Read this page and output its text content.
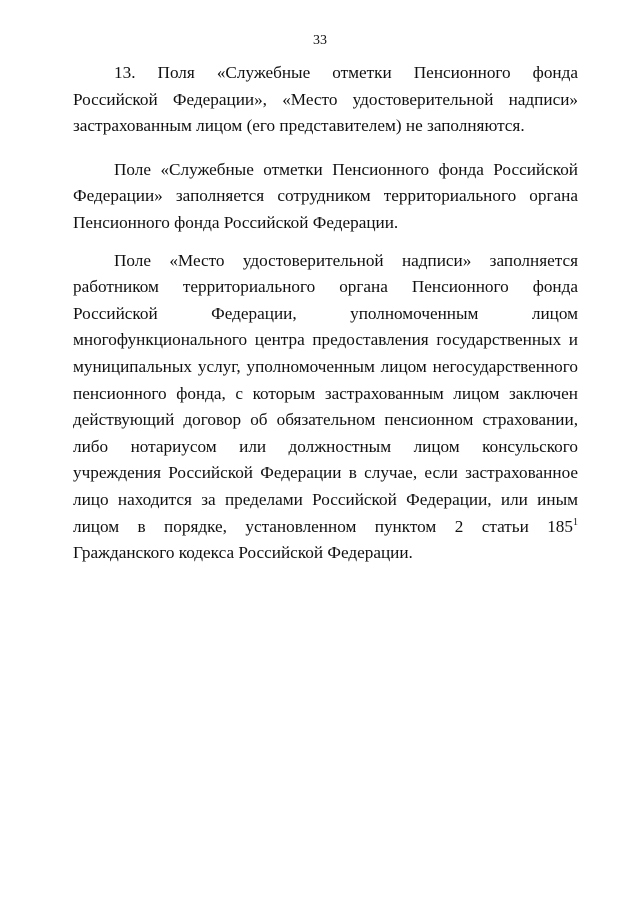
33

13. Поля «Служебные отметки Пенсионного фонда Российской Федерации», «Место удостоверительной надписи» застрахованным лицом (его представителем) не заполняются.

Поле «Служебные отметки Пенсионного фонда Российской Федерации» заполняется сотрудником территориального органа Пенсионного фонда Российской Федерации.

Поле «Место удостоверительной надписи» заполняется работником территориального органа Пенсионного фонда Российской Федерации, уполномоченным лицом многофункционального центра предоставления государственных и муниципальных услуг, уполномоченным лицом негосударственного пенсионного фонда, с которым застрахованным лицом заключен действующий договор об обязательном пенсионном страховании, либо нотариусом или должностным лицом консульского учреждения Российской Федерации в случае, если застрахованное лицо находится за пределами Российской Федерации, или иным лицом в порядке, установленном пунктом 2 статьи $185^1$ Гражданского кодекса Российской Федерации.
